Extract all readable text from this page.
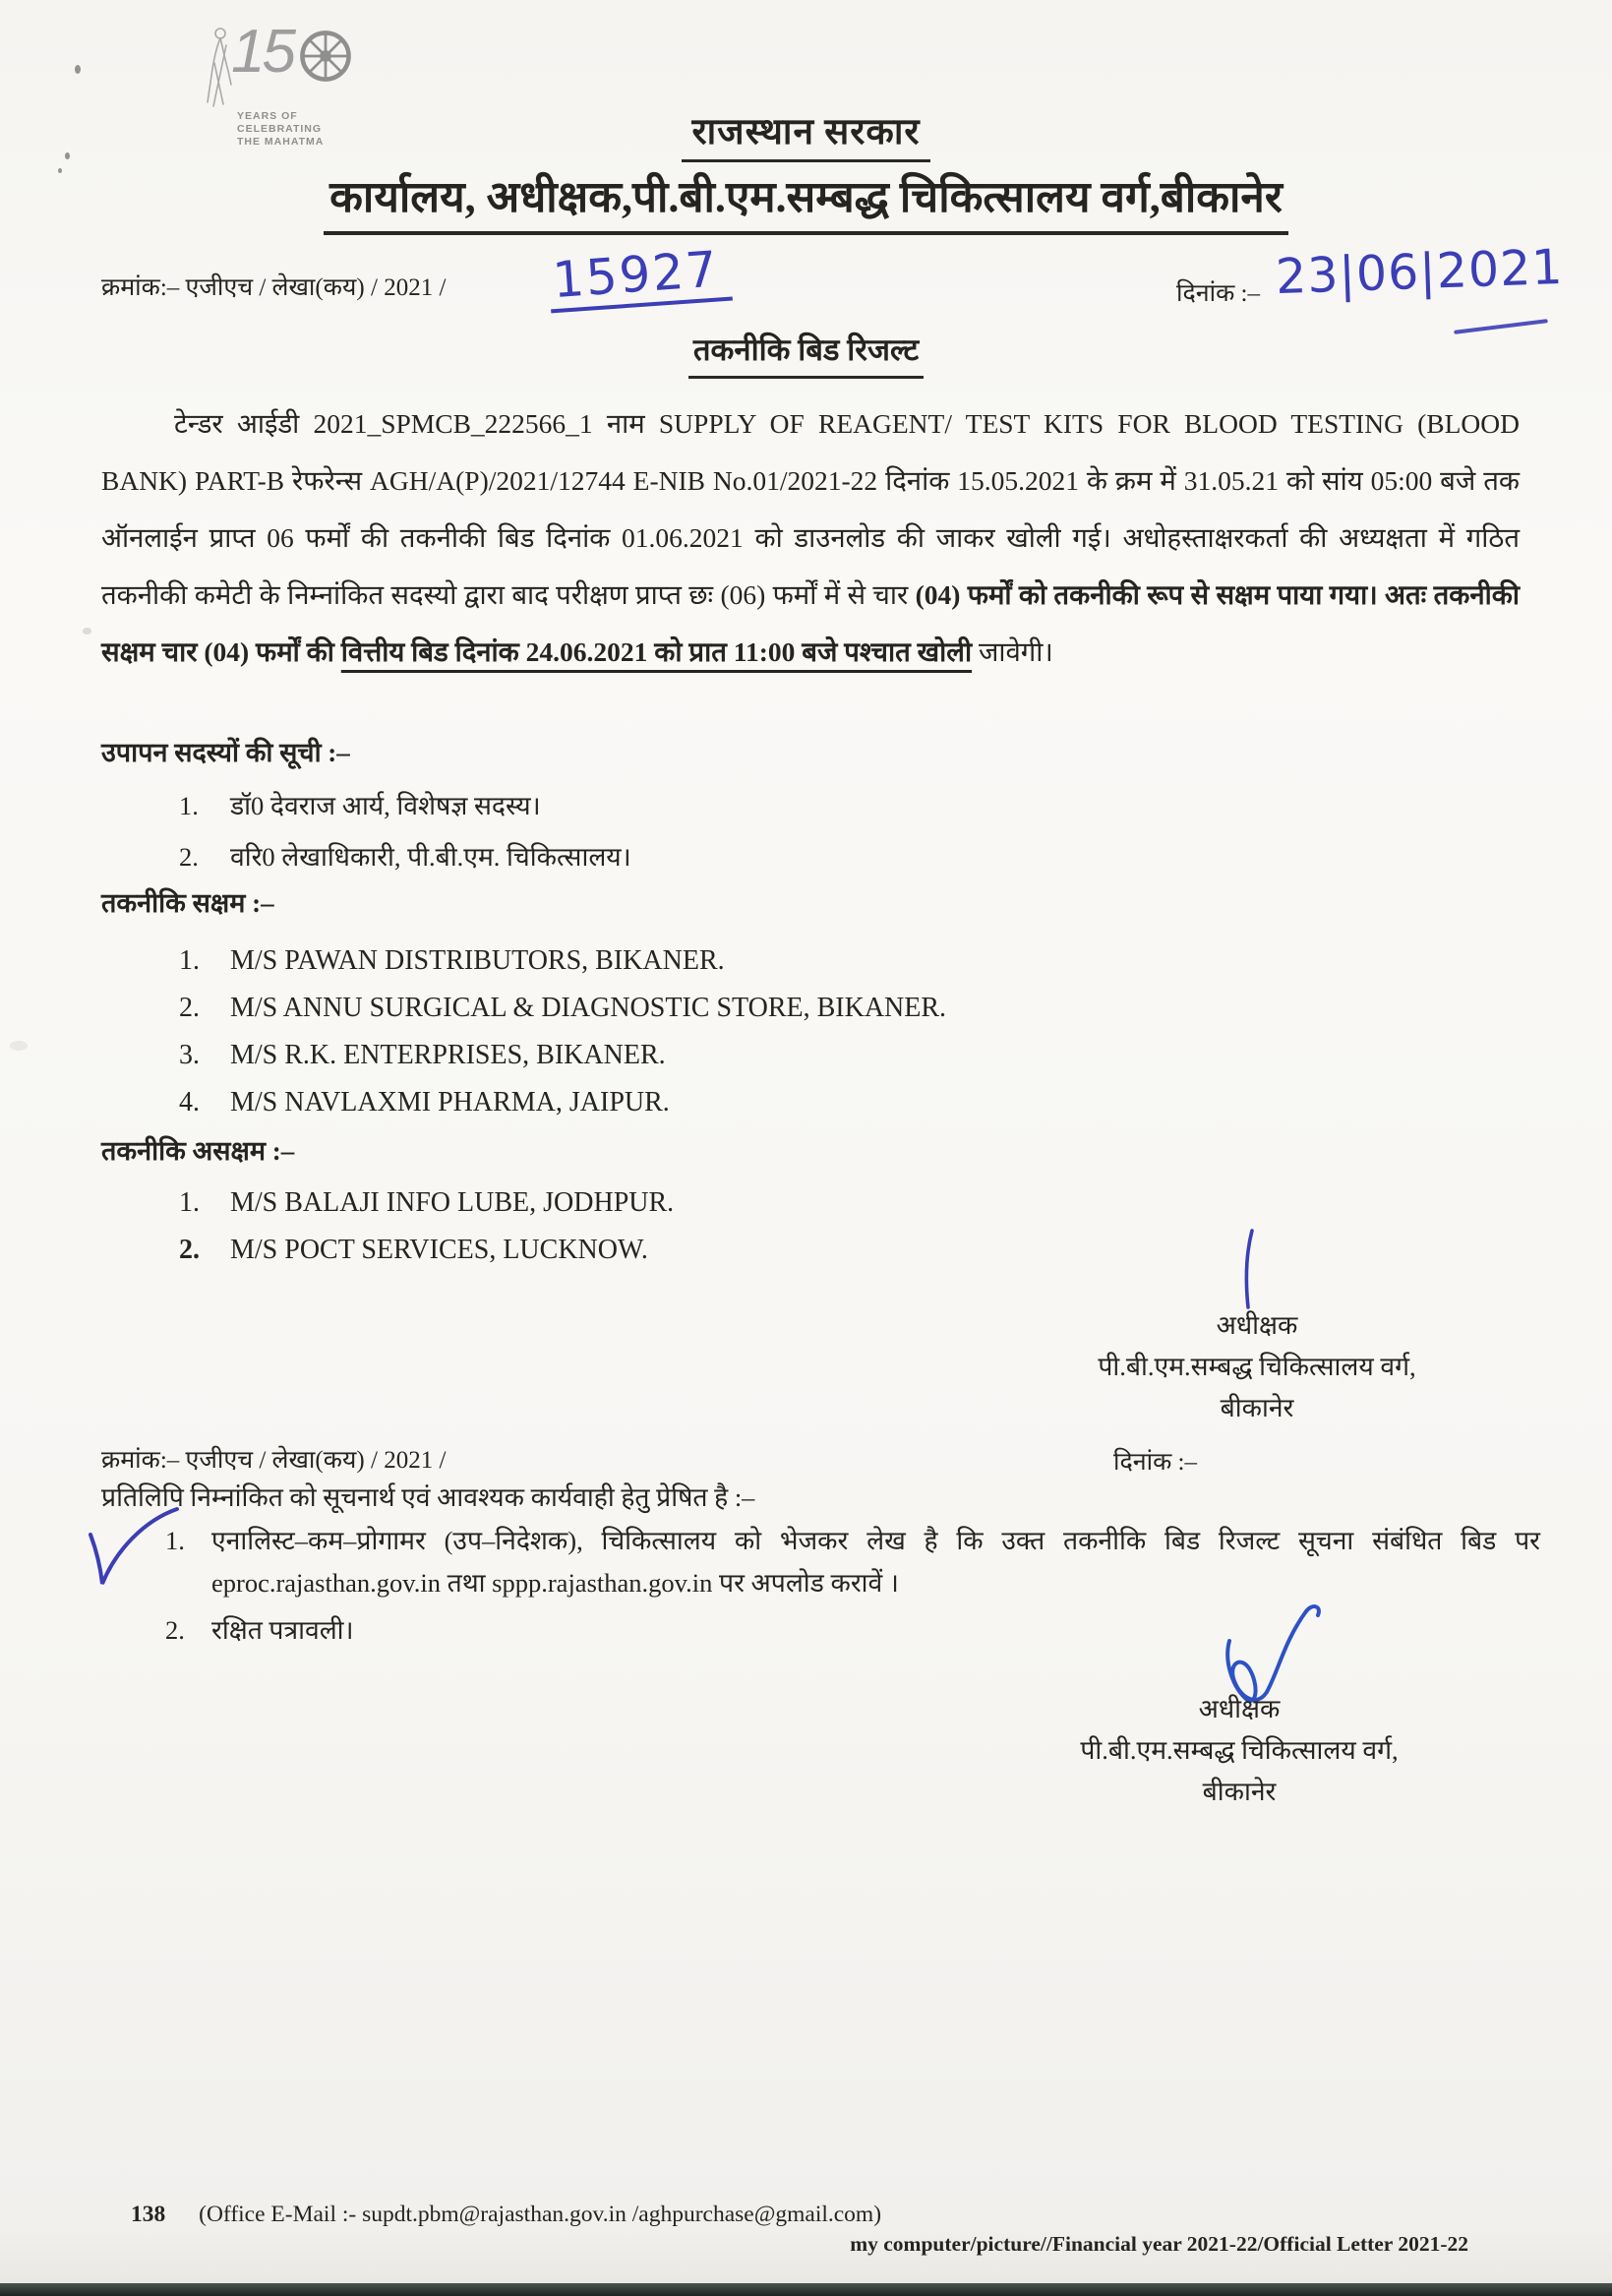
15
YEARS OF
CELEBRATING
THE MAHATMA	राजस्थान सरकार
कार्यालय, अधीक्षक,पी.बी.एम.सम्बद्ध चिकित्सालय वर्ग,बीकानेर
क्रमांक:– एजीएच / लेखा(कय) / 2021 / 15927	दिनांक :– 23|06|2021
तकनीकि बिड रिजल्ट

टेन्डर आईडी 2021_SPMCB_222566_1 नाम SUPPLY OF REAGENT/ TEST KITS FOR BLOOD TESTING (BLOOD BANK) PART-B रेफरेन्स AGH/A(P)/2021/12744 E-NIB No.01/2021-22 दिनांक 15.05.2021 के क्रम में 31.05.21 को सांय 05:00 बजे तक ऑनलाईन प्राप्त 06 फर्मों की तकनीकी बिड दिनांक 01.06.2021 को डाउनलोड की जाकर खोली गई। अधोहस्ताक्षरकर्ता की अध्यक्षता में गठित तकनीकी कमेटी के निम्नांकित सदस्यो द्वारा बाद परीक्षण प्राप्त छः (06) फर्मों में से चार (04) फर्मों को तकनीकी रूप से सक्षम पाया गया। अतः तकनीकी सक्षम चार (04) फर्मों की वित्तीय बिड दिनांक 24.06.2021 को प्रात 11:00 बजे पश्चात खोली जावेगी।

उपापन सदस्यों की सूची :–
1.	डॉ0 देवराज आर्य, विशेषज्ञ सदस्य।
2.	वरि0 लेखाधिकारी, पी.बी.एम. चिकित्सालय।
तकनीकि सक्षम :–
1.	M/S PAWAN DISTRIBUTORS, BIKANER.
2.	M/S ANNU SURGICAL & DIAGNOSTIC STORE, BIKANER.
3.	M/S R.K. ENTERPRISES, BIKANER.
4.	M/S NAVLAXMI PHARMA, JAIPUR.
तकनीकि असक्षम :–
1.	M/S BALAJI INFO LUBE, JODHPUR.
2.	M/S POCT SERVICES, LUCKNOW.
अधीक्षक
पी.बी.एम.सम्बद्ध चिकित्सालय वर्ग,
बीकानेर
क्रमांक:– एजीएच / लेखा(कय) / 2021 /	दिनांक :–
प्रतिलिपि निम्नांकित को सूचनार्थ एवं आवश्यक कार्यवाही हेतु प्रेषित है :–
1.	एनालिस्ट–कम–प्रोगामर (उप–निदेशक), चिकित्सालय को भेजकर लेख है कि उक्त तकनीकि बिड रिजल्ट सूचना संबंधित बिड पर eproc.rajasthan.gov.in तथा sppp.rajasthan.gov.in पर अपलोड करावें ।
2.	रक्षित पत्रावली।
अधीक्षक
पी.बी.एम.सम्बद्ध चिकित्सालय वर्ग,
बीकानेर
138 (Office E-Mail :- supdt.pbm@rajasthan.gov.in /aghpurchase@gmail.com)
my computer/picture//Financial year 2021-22/Official Letter 2021-22
